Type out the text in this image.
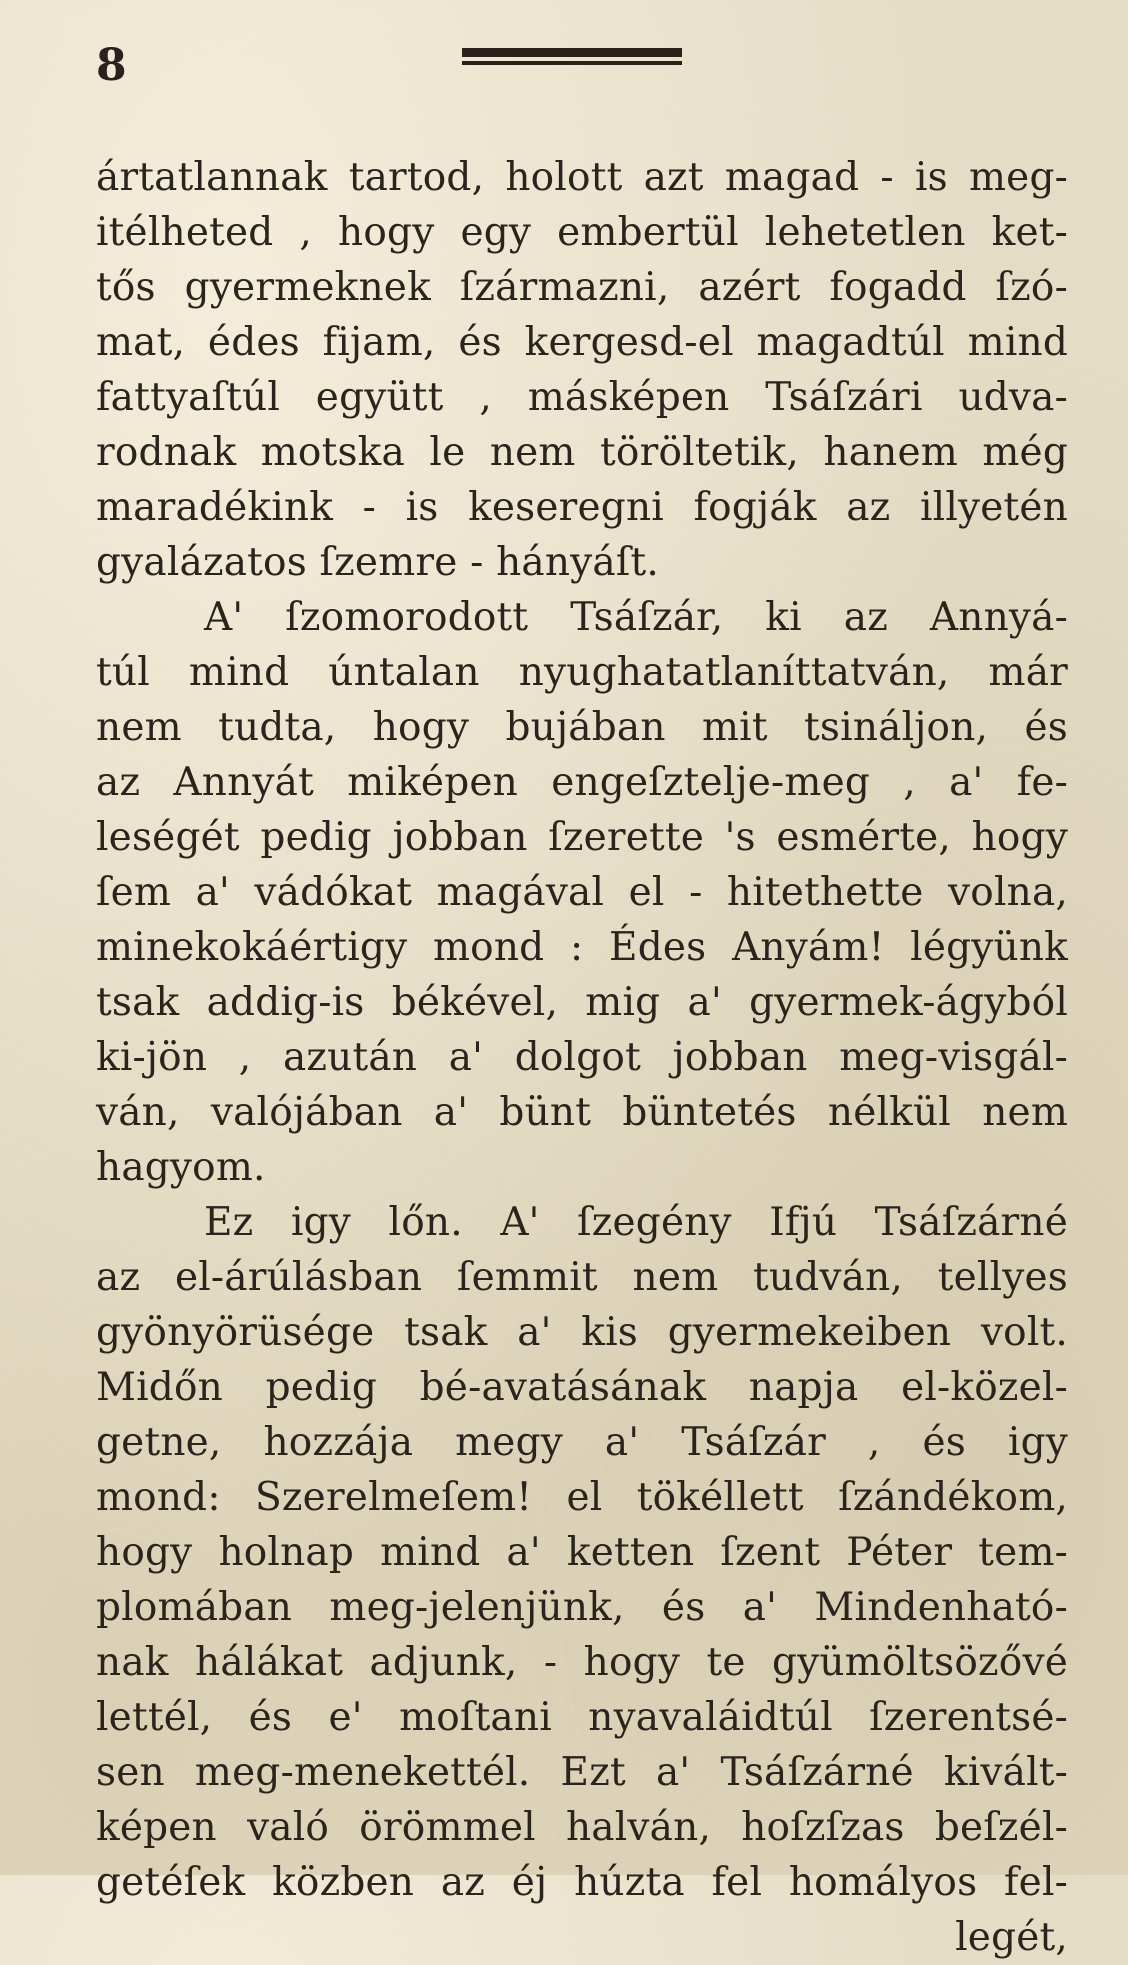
8
ártatlannak tartod, holott azt magad - is meg-
itélheted , hogy egy embertül lehetetlen ket-
tős gyermeknek ſzármazni, azért fogadd ſzó-
mat, édes fijam, és kergesd-el magadtúl mind
fattyaſtúl együtt , másképen Tsáſzári udva-
rodnak motska le nem töröltetik, hanem még
maradékink - is keseregni fogják az illyetén
gyalázatos ſzemre - hányáſt.
A' ſzomorodott Tsáſzár, ki az Annyá-
túl mind úntalan nyughatatlaníttatván, már
nem tudta, hogy bujában mit tsináljon, és
az Annyát miképen engeſztelje-meg , a' fe-
leségét pedig jobban ſzerette 's esmérte, hogy
ſem a' vádókat magával el - hitethette volna,
minekokáértigy mond : Édes Anyám! légyünk
tsak addig-is békével, mig a' gyermek-ágyból
ki-jön , azután a' dolgot jobban meg-visgál-
ván, valójában a' bünt büntetés nélkül nem
hagyom.
Ez igy lőn. A' ſzegény Ifjú Tsáſzárné
az el-árúlásban ſemmit nem tudván, tellyes
gyönyörüsége tsak a' kis gyermekeiben volt.
Midőn pedig bé-avatásának napja el-közel-
getne, hozzája megy a' Tsáſzár , és igy
mond: Szerelmeſem! el tökéllett ſzándékom,
hogy holnap mind a' ketten ſzent Péter tem-
plomában meg-jelenjünk, és a' Mindenható-
nak hálákat adjunk, - hogy te gyümöltsözővé
lettél, és e' moſtani nyavaláidtúl ſzerentsé-
sen meg-menekettél. Ezt a' Tsáſzárné kivált-
képen való örömmel halván, hoſzſzas beſzél-
getéſek közben az éj húzta fel homályos fel-
legét,
